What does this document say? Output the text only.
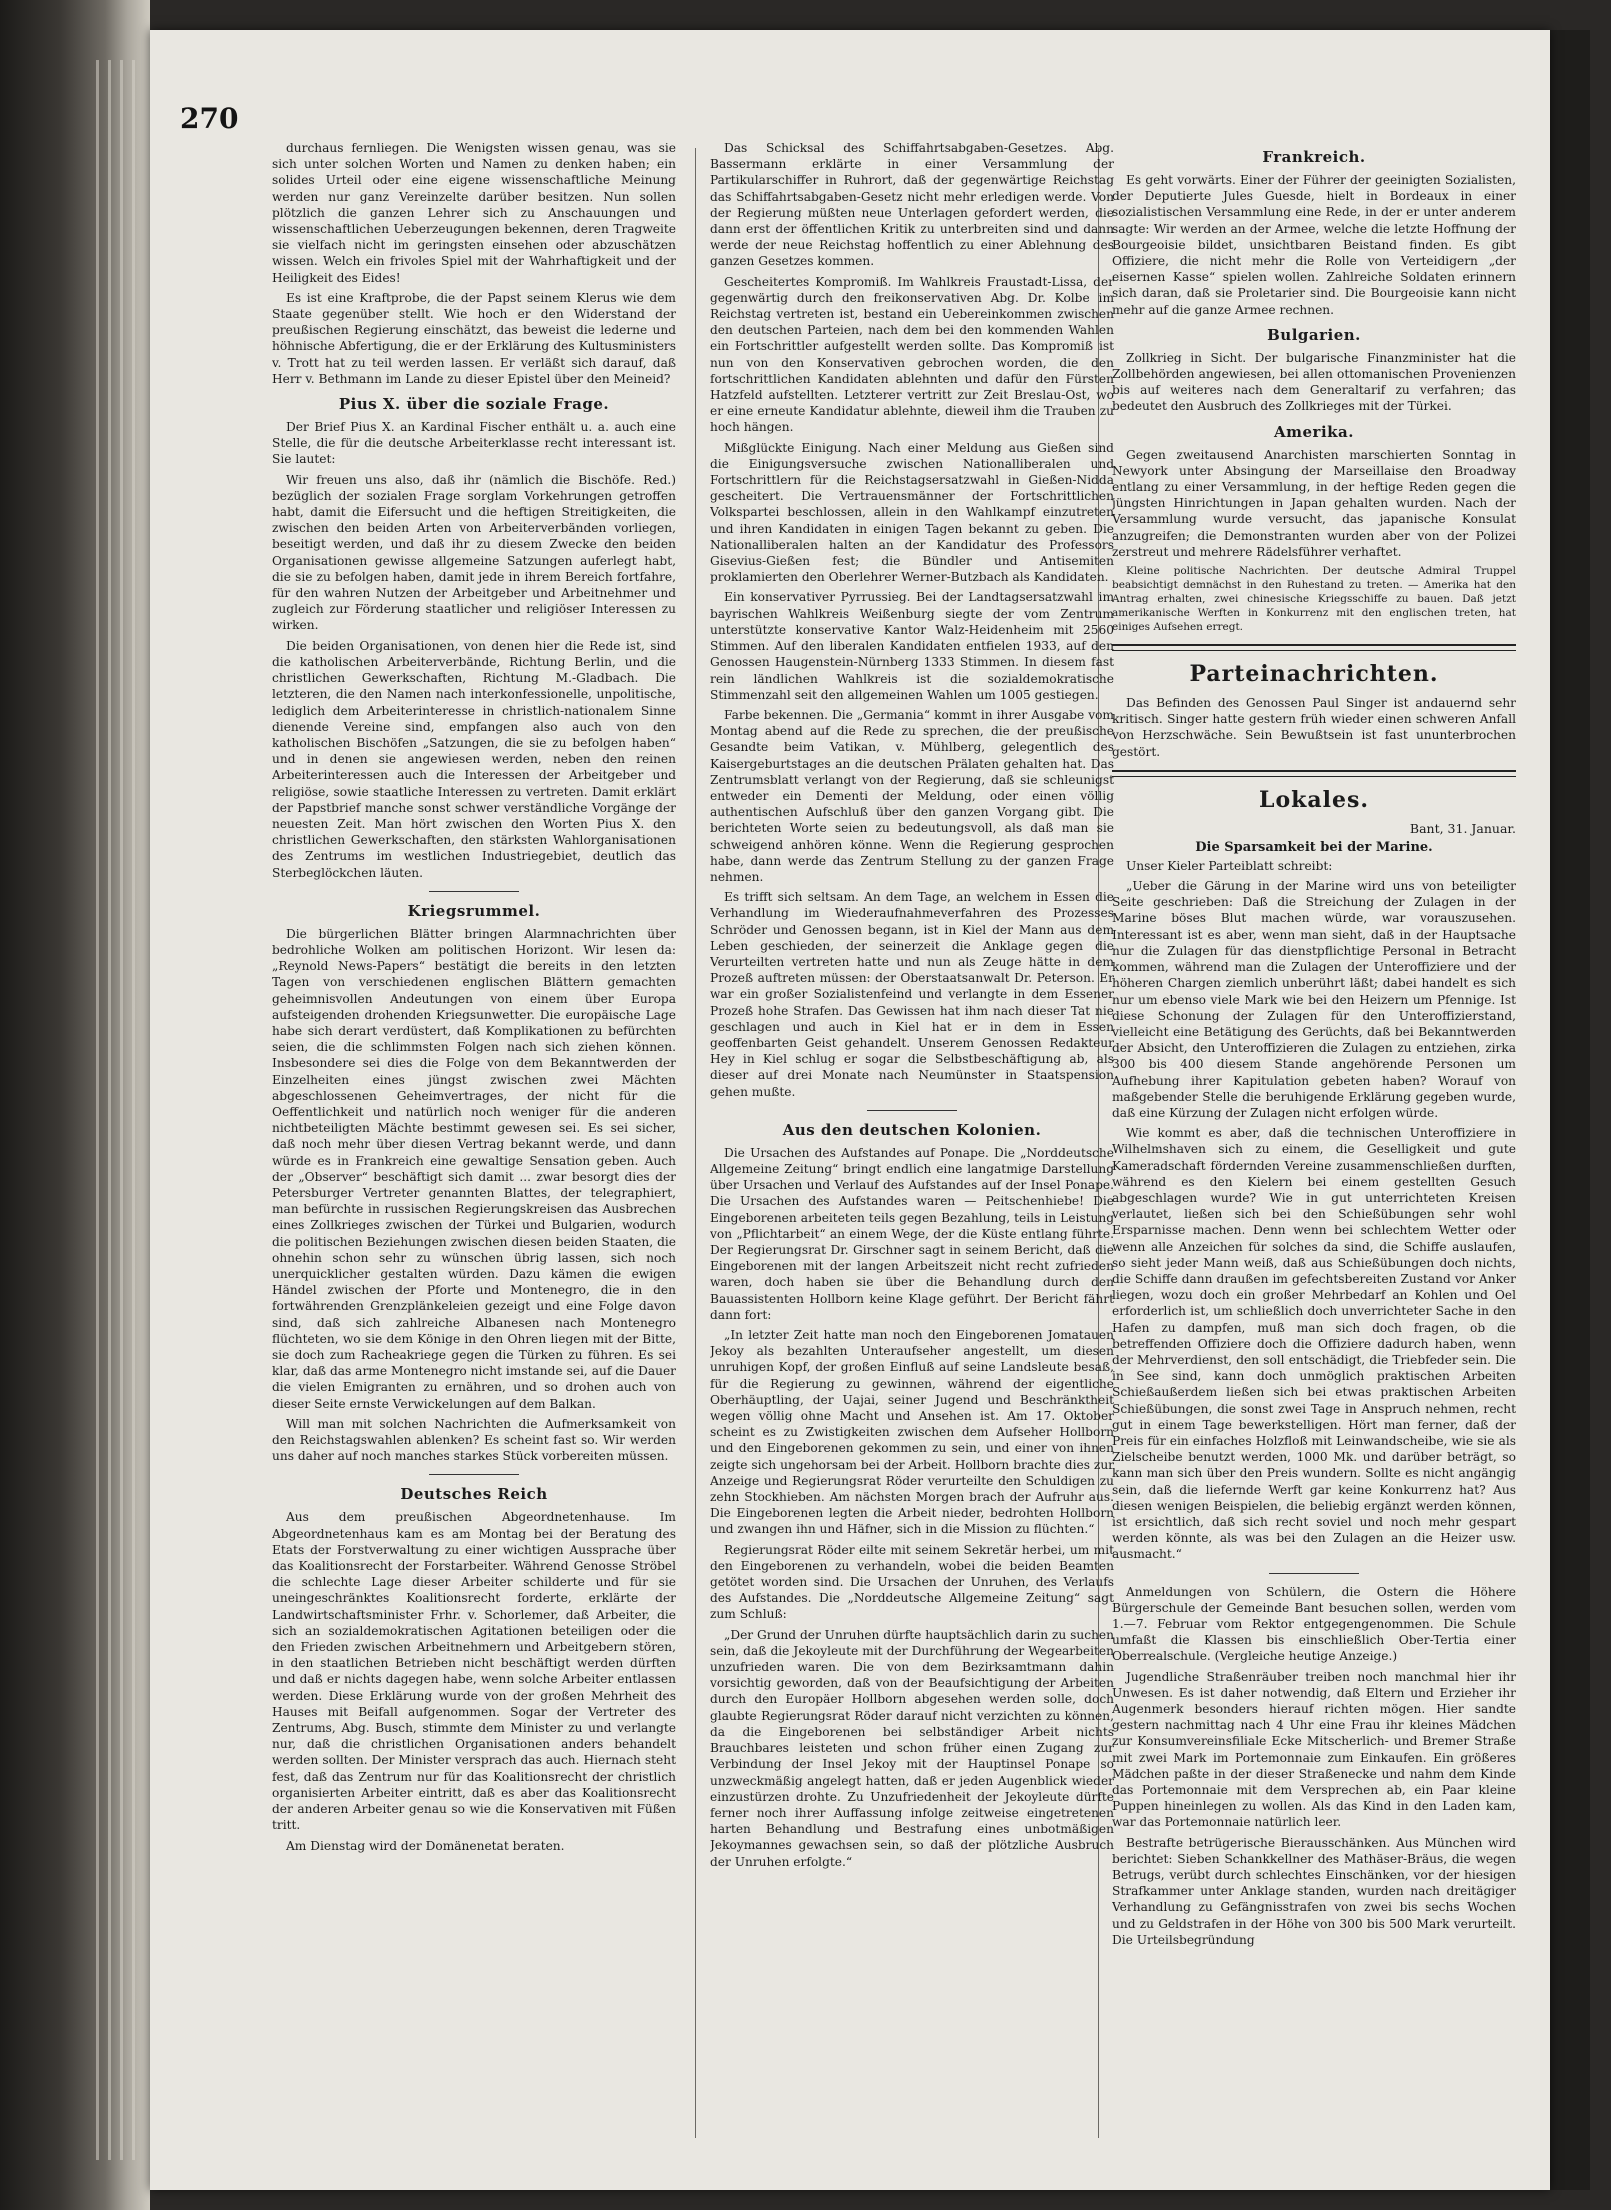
270

durchaus fernliegen. Die Wenigsten wissen genau, was sie sich unter solchen Worten und Namen zu denken haben; ein solides Urteil oder eine eigene wissenschaftliche Meinung werden nur ganz Vereinzelte darüber besitzen. Nun sollen plötzlich die ganzen Lehrer sich zu Anschauungen und wissenschaftlichen Ueberzeugungen bekennen, deren Tragweite sie vielfach nicht im geringsten einsehen oder abzuschätzen wissen. Welch ein frivoles Spiel mit der Wahrhaftigkeit und der Heiligkeit des Eides!

Es ist eine Kraftprobe, die der Papst seinem Klerus wie dem Staate gegenüber stellt. Wie hoch er den Widerstand der preußischen Regierung einschätzt, das beweist die lederne und höhnische Abfertigung, die er der Erklärung des Kultusministers v. Trott hat zu teil werden lassen. Er verläßt sich darauf, daß Herr v. Bethmann im Lande zu dieser Epistel über den Meineid?

Pius X. über die soziale Frage.

Der Brief Pius X. an Kardinal Fischer enthält u. a. auch eine Stelle, die für die deutsche Arbeiterklasse recht interessant ist. Sie lautet:

Wir freuen uns also, daß ihr (nämlich die Bischöfe. Red.) bezüglich der sozialen Frage sorglam Vorkehrungen getroffen habt, damit die Eifersucht und die heftigen Streitigkeiten, die zwischen den beiden Arten von Arbeiterverbänden vorliegen, beseitigt werden, und daß ihr zu diesem Zwecke den beiden Organisationen gewisse allgemeine Satzungen auferlegt habt, die sie zu befolgen haben, damit jede in ihrem Bereich fortfahre, für den wahren Nutzen der Arbeitgeber und Arbeitnehmer und zugleich zur Förderung staatlicher und religiöser Interessen zu wirken.

Die beiden Organisationen, von denen hier die Rede ist, sind die katholischen Arbeiterverbände, Richtung Berlin, und die christlichen Gewerkschaften, Richtung M.-Gladbach. Die letzteren, die den Namen nach interkonfessionelle, unpolitische, lediglich dem Arbeiterinteresse in christlich-nationalem Sinne dienende Vereine sind, empfangen also auch von den katholischen Bischöfen „Satzungen, die sie zu befolgen haben“ und in denen sie angewiesen werden, neben den reinen Arbeiterinteressen auch die Interessen der Arbeitgeber und religiöse, sowie staatliche Interessen zu vertreten. Damit erklärt der Papstbrief manche sonst schwer verständliche Vorgänge der neuesten Zeit. Man hört zwischen den Worten Pius X. den christlichen Gewerkschaften, den stärksten Wahlorganisationen des Zentrums im westlichen Industriegebiet, deutlich das Sterbeglöckchen läuten.

Kriegsrummel.

Die bürgerlichen Blätter bringen Alarmnachrichten über bedrohliche Wolken am politischen Horizont. Wir lesen da: „Reynold News-Papers“ bestätigt die bereits in den letzten Tagen von verschiedenen englischen Blättern gemachten geheimnisvollen Andeutungen von einem über Europa aufsteigenden drohenden Kriegsunwetter. Die europäische Lage habe sich derart verdüstert, daß Komplikationen zu befürchten seien, die die schlimmsten Folgen nach sich ziehen können. Insbesondere sei dies die Folge von dem Bekanntwerden der Einzelheiten eines jüngst zwischen zwei Mächten abgeschlossenen Geheimvertrages, der nicht für die Oeffentlichkeit und natürlich noch weniger für die anderen nichtbeteiligten Mächte bestimmt gewesen sei. Es sei sicher, daß noch mehr über diesen Vertrag bekannt werde, und dann würde es in Frankreich eine gewaltige Sensation geben. Auch der „Observer“ beschäftigt sich damit ... zwar besorgt dies der Petersburger Vertreter genannten Blattes, der telegraphiert, man befürchte in russischen Regierungskreisen das Ausbrechen eines Zollkrieges zwischen der Türkei und Bulgarien, wodurch die politischen Beziehungen zwischen diesen beiden Staaten, die ohnehin schon sehr zu wünschen übrig lassen, sich noch unerquicklicher gestalten würden. Dazu kämen die ewigen Händel zwischen der Pforte und Montenegro, die in den fortwährenden Grenzplänkeleien gezeigt und eine Folge davon sind, daß sich zahlreiche Albanesen nach Montenegro flüchteten, wo sie dem Könige in den Ohren liegen mit der Bitte, sie doch zum Racheakriege gegen die Türken zu führen. Es sei klar, daß das arme Montenegro nicht imstande sei, auf die Dauer die vielen Emigranten zu ernähren, und so drohen auch von dieser Seite ernste Verwickelungen auf dem Balkan.

Will man mit solchen Nachrichten die Aufmerksamkeit von den Reichstagswahlen ablenken? Es scheint fast so. Wir werden uns daher auf noch manches starkes Stück vorbereiten müssen.

Deutsches Reich

Aus dem preußischen Abgeordnetenhause. Im Abgeordnetenhaus kam es am Montag bei der Beratung des Etats der Forstverwaltung zu einer wichtigen Aussprache über das Koalitionsrecht der Forstarbeiter. Während Genosse Ströbel die schlechte Lage dieser Arbeiter schilderte und für sie uneingeschränktes Koalitionsrecht forderte, erklärte der Landwirtschaftsminister Frhr. v. Schorlemer, daß Arbeiter, die sich an sozialdemokratischen Agitationen beteiligen oder die den Frieden zwischen Arbeitnehmern und Arbeitgebern stören, in den staatlichen Betrieben nicht beschäftigt werden dürften und daß er nichts dagegen habe, wenn solche Arbeiter entlassen werden. Diese Erklärung wurde von der großen Mehrheit des Hauses mit Beifall aufgenommen. Sogar der Vertreter des Zentrums, Abg. Busch, stimmte dem Minister zu und verlangte nur, daß die christlichen Organisationen anders behandelt werden sollten. Der Minister versprach das auch. Hiernach steht fest, daß das Zentrum nur für das Koalitionsrecht der christlich organisierten Arbeiter eintritt, daß es aber das Koalitionsrecht der anderen Arbeiter genau so wie die Konservativen mit Füßen tritt.

Am Dienstag wird der Domänenetat beraten.

Das Schicksal des Schiffahrtsabgaben-Gesetzes. Abg. Bassermann erklärte in einer Versammlung der Partikularschiffer in Ruhrort, daß der gegenwärtige Reichstag das Schiffahrtsabgaben-Gesetz nicht mehr erledigen werde. Von der Regierung müßten neue Unterlagen gefordert werden, die dann erst der öffentlichen Kritik zu unterbreiten sind und dann werde der neue Reichstag hoffentlich zu einer Ablehnung des ganzen Gesetzes kommen.

Gescheitertes Kompromiß. Im Wahlkreis Fraustadt-Lissa, der gegenwärtig durch den freikonservativen Abg. Dr. Kolbe im Reichstag vertreten ist, bestand ein Uebereinkommen zwischen den deutschen Parteien, nach dem bei den kommenden Wahlen ein Fortschrittler aufgestellt werden sollte. Das Kompromiß ist nun von den Konservativen gebrochen worden, die den fortschrittlichen Kandidaten ablehnten und dafür den Fürsten Hatzfeld aufstellten. Letzterer vertritt zur Zeit Breslau-Ost, wo er eine erneute Kandidatur ablehnte, dieweil ihm die Trauben zu hoch hängen.

Mißglückte Einigung. Nach einer Meldung aus Gießen sind die Einigungsversuche zwischen Nationalliberalen und Fortschrittlern für die Reichstagsersatzwahl in Gießen-Nidda gescheitert. Die Vertrauensmänner der Fortschrittlichen Volkspartei beschlossen, allein in den Wahlkampf einzutreten und ihren Kandidaten in einigen Tagen bekannt zu geben. Die Nationalliberalen halten an der Kandidatur des Professors Gisevius-Gießen fest; die Bündler und Antisemiten proklamierten den Oberlehrer Werner-Butzbach als Kandidaten.

Ein konservativer Pyrrussieg. Bei der Landtagsersatzwahl im bayrischen Wahlkreis Weißenburg siegte der vom Zentrum unterstützte konservative Kantor Walz-Heidenheim mit 2560 Stimmen. Auf den liberalen Kandidaten entfielen 1933, auf den Genossen Haugenstein-Nürnberg 1333 Stimmen. In diesem fast rein ländlichen Wahlkreis ist die sozialdemokratische Stimmenzahl seit den allgemeinen Wahlen um 1005 gestiegen.

Farbe bekennen. Die „Germania“ kommt in ihrer Ausgabe vom Montag abend auf die Rede zu sprechen, die der preußische Gesandte beim Vatikan, v. Mühlberg, gelegentlich des Kaisergeburtstages an die deutschen Prälaten gehalten hat. Das Zentrumsblatt verlangt von der Regierung, daß sie schleunigst entweder ein Dementi der Meldung, oder einen völlig authentischen Aufschluß über den ganzen Vorgang gibt. Die berichteten Worte seien zu bedeutungsvoll, als daß man sie schweigend anhören könne. Wenn die Regierung gesprochen habe, dann werde das Zentrum Stellung zu der ganzen Frage nehmen.

Es trifft sich seltsam. An dem Tage, an welchem in Essen die Verhandlung im Wiederaufnahmeverfahren des Prozesses Schröder und Genossen begann, ist in Kiel der Mann aus dem Leben geschieden, der seinerzeit die Anklage gegen die Verurteilten vertreten hatte und nun als Zeuge hätte in dem Prozeß auftreten müssen: der Oberstaatsanwalt Dr. Peterson. Er war ein großer Sozialistenfeind und verlangte in dem Essener Prozeß hohe Strafen. Das Gewissen hat ihm nach dieser Tat nie geschlagen und auch in Kiel hat er in dem in Essen geoffenbarten Geist gehandelt. Unserem Genossen Redakteur Hey in Kiel schlug er sogar die Selbstbeschäftigung ab, als dieser auf drei Monate nach Neumünster in Staatspension gehen mußte.

Aus den deutschen Kolonien.

Die Ursachen des Aufstandes auf Ponape. Die „Norddeutsche Allgemeine Zeitung“ bringt endlich eine langatmige Darstellung über Ursachen und Verlauf des Aufstandes auf der Insel Ponape. Die Ursachen des Aufstandes waren — Peitschenhiebe! Die Eingeborenen arbeiteten teils gegen Bezahlung, teils in Leistung von „Pflichtarbeit“ an einem Wege, der die Küste entlang führte. Der Regierungsrat Dr. Girschner sagt in seinem Bericht, daß die Eingeborenen mit der langen Arbeitszeit nicht recht zufrieden waren, doch haben sie über die Behandlung durch den Bauassistenten Hollborn keine Klage geführt. Der Bericht fährt dann fort:

„In letzter Zeit hatte man noch den Eingeborenen Jomatauen Jekoy als bezahlten Unteraufseher angestellt, um diesen unruhigen Kopf, der großen Einfluß auf seine Landsleute besaß, für die Regierung zu gewinnen, während der eigentliche Oberhäuptling, der Uajai, seiner Jugend und Beschränktheit wegen völlig ohne Macht und Ansehen ist. Am 17. Oktober scheint es zu Zwistigkeiten zwischen dem Aufseher Hollborn und den Eingeborenen gekommen zu sein, und einer von ihnen zeigte sich ungehorsam bei der Arbeit. Hollborn brachte dies zur Anzeige und Regierungsrat Röder verurteilte den Schuldigen zu zehn Stockhieben. Am nächsten Morgen brach der Aufruhr aus. Die Eingeborenen legten die Arbeit nieder, bedrohten Hollborn und zwangen ihn und Häfner, sich in die Mission zu flüchten.“

Regierungsrat Röder eilte mit seinem Sekretär herbei, um mit den Eingeborenen zu verhandeln, wobei die beiden Beamten getötet worden sind. Die Ursachen der Unruhen, des Verlaufs des Aufstandes. Die „Norddeutsche Allgemeine Zeitung“ sagt zum Schluß:

„Der Grund der Unruhen dürfte hauptsächlich darin zu suchen sein, daß die Jekoyleute mit der Durchführung der Wegearbeiten unzufrieden waren. Die von dem Bezirksamtmann dahin vorsichtig geworden, daß von der Beaufsichtigung der Arbeiten durch den Europäer Hollborn abgesehen werden solle, doch glaubte Regierungsrat Röder darauf nicht verzichten zu können, da die Eingeborenen bei selbständiger Arbeit nichts Brauchbares leisteten und schon früher einen Zugang zur Verbindung der Insel Jekoy mit der Hauptinsel Ponape so unzweckmäßig angelegt hatten, daß er jeden Augenblick wieder einzustürzen drohte. Zu Unzufriedenheit der Jekoyleute dürfte ferner noch ihrer Auffassung infolge zeitweise eingetretenen harten Behandlung und Bestrafung eines unbotmäßigen Jekoymannes gewachsen sein, so daß der plötzliche Ausbruch der Unruhen erfolgte.“

Frankreich.

Es geht vorwärts. Einer der Führer der geeinigten Sozialisten, der Deputierte Jules Guesde, hielt in Bordeaux in einer sozialistischen Versammlung eine Rede, in der er unter anderem sagte: Wir werden an der Armee, welche die letzte Hoffnung der Bourgeoisie bildet, unsichtbaren Beistand finden. Es gibt Offiziere, die nicht mehr die Rolle von Verteidigern „der eisernen Kasse“ spielen wollen. Zahlreiche Soldaten erinnern sich daran, daß sie Proletarier sind. Die Bourgeoisie kann nicht mehr auf die ganze Armee rechnen.

Bulgarien.

Zollkrieg in Sicht. Der bulgarische Finanzminister hat die Zollbehörden angewiesen, bei allen ottomanischen Provenienzen bis auf weiteres nach dem Generaltarif zu verfahren; das bedeutet den Ausbruch des Zollkrieges mit der Türkei.

Amerika.

Gegen zweitausend Anarchisten marschierten Sonntag in Newyork unter Absingung der Marseillaise den Broadway entlang zu einer Versammlung, in der heftige Reden gegen die jüngsten Hinrichtungen in Japan gehalten wurden. Nach der Versammlung wurde versucht, das japanische Konsulat anzugreifen; die Demonstranten wurden aber von der Polizei zerstreut und mehrere Rädelsführer verhaftet.

Kleine politische Nachrichten. Der deutsche Admiral Truppel beabsichtigt demnächst in den Ruhestand zu treten. — Amerika hat den Antrag erhalten, zwei chinesische Kriegsschiffe zu bauen. Daß jetzt amerikanische Werften in Konkurrenz mit den englischen treten, hat einiges Aufsehen erregt.

Parteinachrichten.

Das Befinden des Genossen Paul Singer ist andauernd sehr kritisch. Singer hatte gestern früh wieder einen schweren Anfall von Herzschwäche. Sein Bewußtsein ist fast ununterbrochen gestört.

Lokales.
Bant, 31. Januar.
Die Sparsamkeit bei der Marine.

Unser Kieler Parteiblatt schreibt:

„Ueber die Gärung in der Marine wird uns von beteiligter Seite geschrieben: Daß die Streichung der Zulagen in der Marine böses Blut machen würde, war vorauszusehen. Interessant ist es aber, wenn man sieht, daß in der Hauptsache nur die Zulagen für das dienstpflichtige Personal in Betracht kommen, während man die Zulagen der Unteroffiziere und der höheren Chargen ziemlich unberührt läßt; dabei handelt es sich nur um ebenso viele Mark wie bei den Heizern um Pfennige. Ist diese Schonung der Zulagen für den Unteroffizierstand, vielleicht eine Betätigung des Gerüchts, daß bei Bekanntwerden der Absicht, den Unteroffizieren die Zulagen zu entziehen, zirka 300 bis 400 diesem Stande angehörende Personen um Aufhebung ihrer Kapitulation gebeten haben? Worauf von maßgebender Stelle die beruhigende Erklärung gegeben wurde, daß eine Kürzung der Zulagen nicht erfolgen würde.

Wie kommt es aber, daß die technischen Unteroffiziere in Wilhelmshaven sich zu einem, die Geselligkeit und gute Kameradschaft fördernden Vereine zusammenschließen durften, während es den Kielern bei einem gestellten Gesuch abgeschlagen wurde? Wie in gut unterrichteten Kreisen verlautet, ließen sich bei den Schießübungen sehr wohl Ersparnisse machen. Denn wenn bei schlechtem Wetter oder wenn alle Anzeichen für solches da sind, die Schiffe auslaufen, so sieht jeder Mann weiß, daß aus Schießübungen doch nichts, die Schiffe dann draußen im gefechtsbereiten Zustand vor Anker liegen, wozu doch ein großer Mehrbedarf an Kohlen und Oel erforderlich ist, um schließlich doch unverrichteter Sache in den Hafen zu dampfen, muß man sich doch fragen, ob die betreffenden Offiziere doch die Offiziere dadurch haben, wenn der Mehrverdienst, den soll entschädigt, die Triebfeder sein. Die in See sind, kann doch unmöglich praktischen Arbeiten Schießaußerdem ließen sich bei etwas praktischen Arbeiten Schießübungen, die sonst zwei Tage in Anspruch nehmen, recht gut in einem Tage bewerkstelligen. Hört man ferner, daß der Preis für ein einfaches Holzfloß mit Leinwandscheibe, wie sie als Zielscheibe benutzt werden, 1000 Mk. und darüber beträgt, so kann man sich über den Preis wundern. Sollte es nicht angängig sein, daß die liefernde Werft gar keine Konkurrenz hat? Aus diesen wenigen Beispielen, die beliebig ergänzt werden können, ist ersichtlich, daß sich recht soviel und noch mehr gespart werden könnte, als was bei den Zulagen an die Heizer usw. ausmacht.“

Anmeldungen von Schülern, die Ostern die Höhere Bürgerschule der Gemeinde Bant besuchen sollen, werden vom 1.—7. Februar vom Rektor entgegengenommen. Die Schule umfaßt die Klassen bis einschließlich Ober-Tertia einer Oberrealschule. (Vergleiche heutige Anzeige.)

Jugendliche Straßenräuber treiben noch manchmal hier ihr Unwesen. Es ist daher notwendig, daß Eltern und Erzieher ihr Augenmerk besonders hierauf richten mögen. Hier sandte gestern nachmittag nach 4 Uhr eine Frau ihr kleines Mädchen zur Konsumvereinsfiliale Ecke Mitscherlich- und Bremer Straße mit zwei Mark im Portemonnaie zum Einkaufen. Ein größeres Mädchen paßte in der dieser Straßenecke und nahm dem Kinde das Portemonnaie mit dem Versprechen ab, ein Paar kleine Puppen hineinlegen zu wollen. Als das Kind in den Laden kam, war das Portemonnaie natürlich leer.

Bestrafte betrügerische Bierausschänken. Aus München wird berichtet: Sieben Schankkellner des Mathäser-Bräus, die wegen Betrugs, verübt durch schlechtes Einschänken, vor der hiesigen Strafkammer unter Anklage standen, wurden nach dreitägiger Verhandlung zu Gefängnisstrafen von zwei bis sechs Wochen und zu Geldstrafen in der Höhe von 300 bis 500 Mark verurteilt. Die Urteilsbegründung
